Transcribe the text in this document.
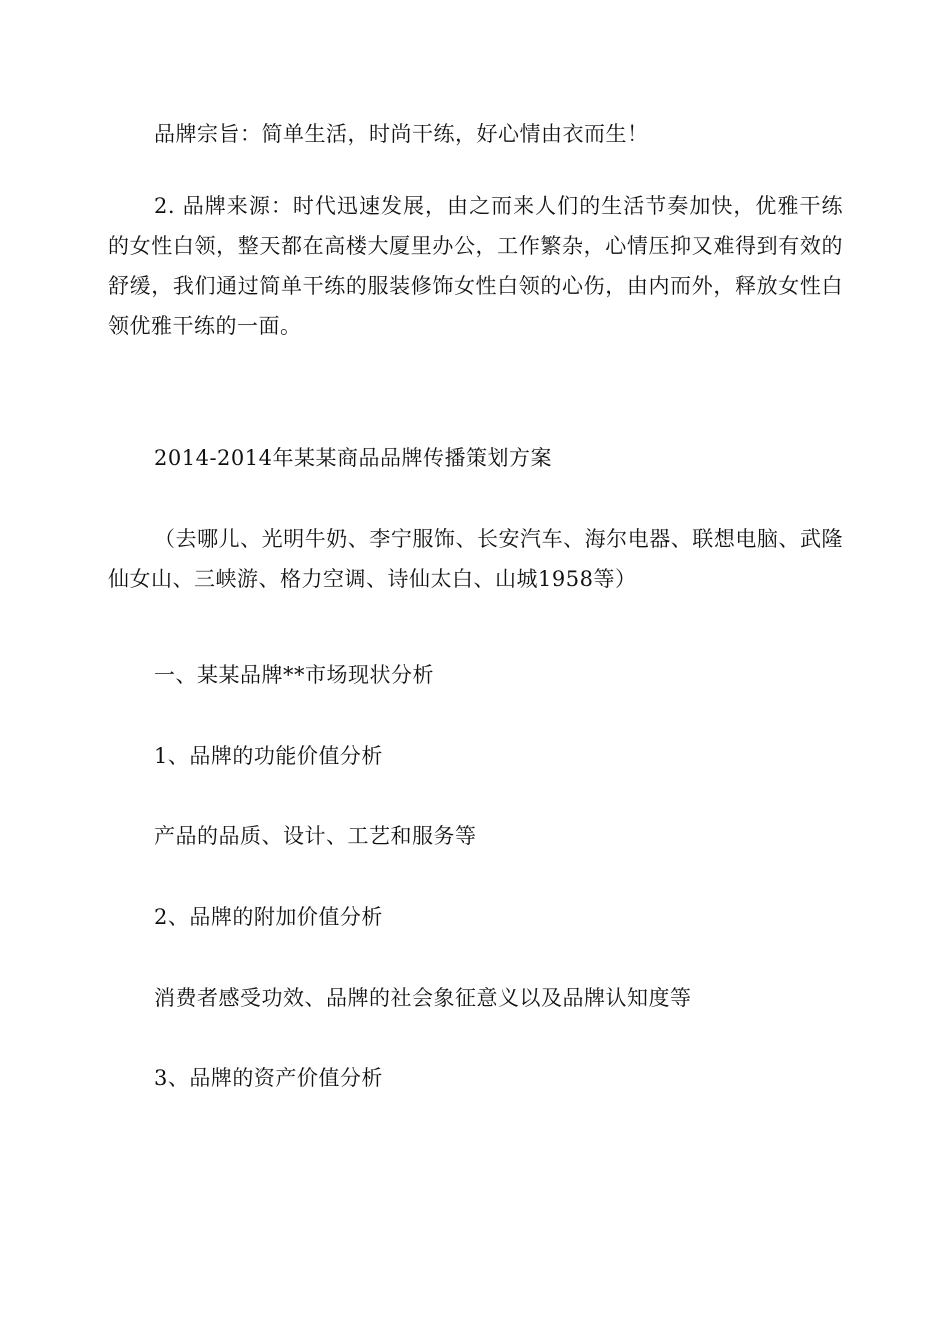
品牌宗旨：简单生活，时尚干练，好心情由衣而生！

2. 品牌来源：时代迅速发展，由之而来人们的生活节奏加快，优雅干练的女性白领，整天都在高楼大厦里办公，工作繁杂，心情压抑又难得到有效的舒缓，我们通过简单干练的服装修饰女性白领的心伤，由内而外，释放女性白领优雅干练的一面。

2014-2014年某某商品品牌传播策划方案

（去哪儿、光明牛奶、李宁服饰、长安汽车、海尔电器、联想电脑、武隆仙女山、三峡游、格力空调、诗仙太白、山城1958等）

一、某某品牌**市场现状分析

1、品牌的功能价值分析

产品的品质、设计、工艺和服务等

2、品牌的附加价值分析

消费者感受功效、品牌的社会象征意义以及品牌认知度等

3、品牌的资产价值分析
